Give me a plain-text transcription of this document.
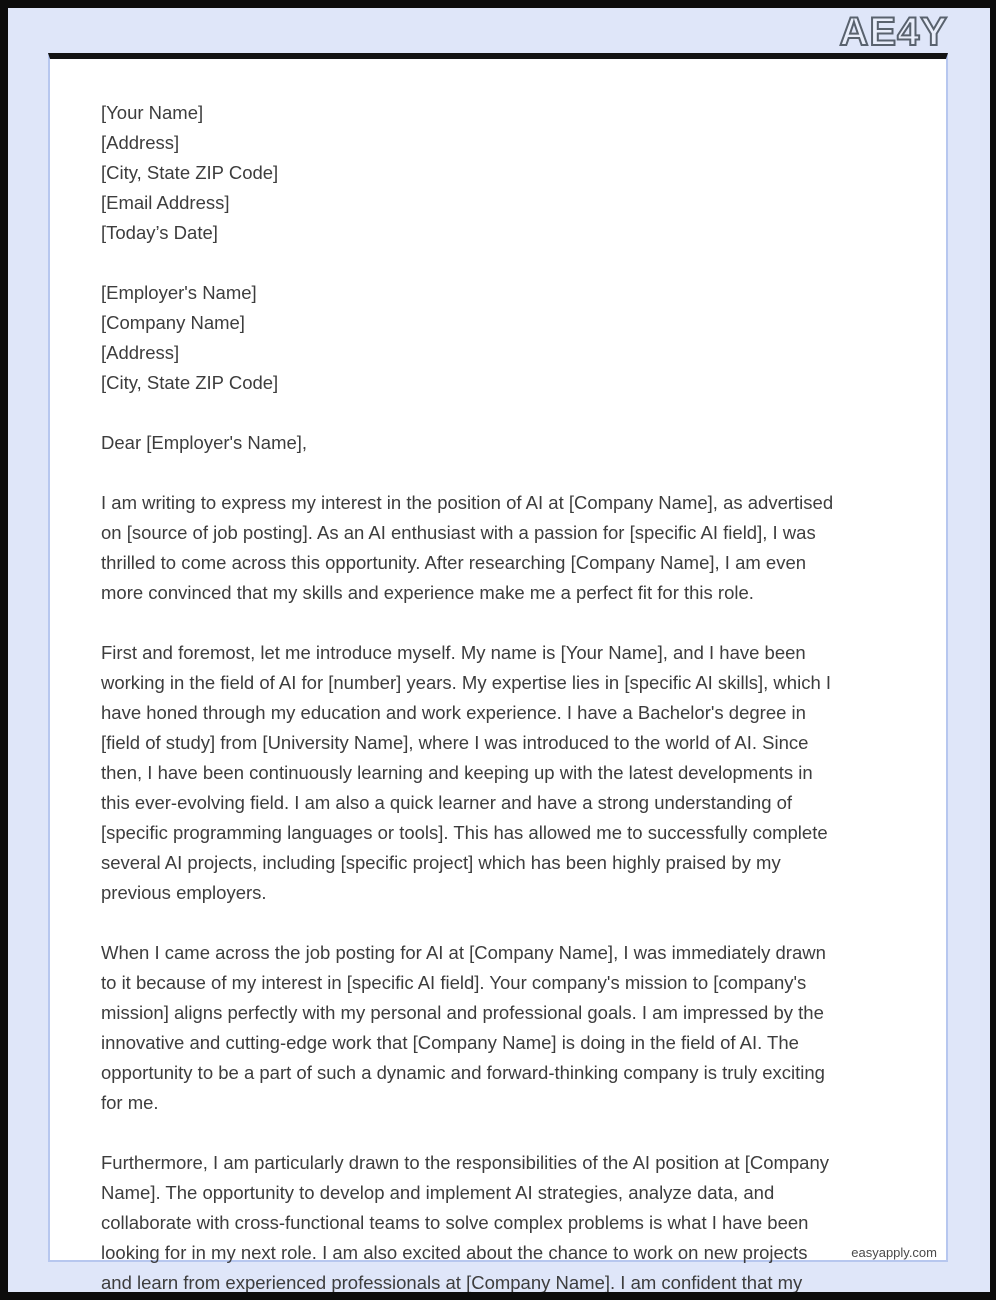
AE4Y
[Your Name]
[Address]
[City, State ZIP Code]
[Email Address]
[Today’s Date]
[Employer's Name]
[Company Name]
[Address]
[City, State ZIP Code]
Dear [Employer's Name],
I am writing to express my interest in the position of AI at [Company Name], as advertised
on [source of job posting]. As an AI enthusiast with a passion for [specific AI field], I was
thrilled to come across this opportunity. After researching [Company Name], I am even
more convinced that my skills and experience make me a perfect fit for this role.
First and foremost, let me introduce myself. My name is [Your Name], and I have been
working in the field of AI for [number] years. My expertise lies in [specific AI skills], which I
have honed through my education and work experience. I have a Bachelor's degree in
[field of study] from [University Name], where I was introduced to the world of AI. Since
then, I have been continuously learning and keeping up with the latest developments in
this ever-evolving field. I am also a quick learner and have a strong understanding of
[specific programming languages or tools]. This has allowed me to successfully complete
several AI projects, including [specific project] which has been highly praised by my
previous employers.
When I came across the job posting for AI at [Company Name], I was immediately drawn
to it because of my interest in [specific AI field]. Your company's mission to [company's
mission] aligns perfectly with my personal and professional goals. I am impressed by the
innovative and cutting-edge work that [Company Name] is doing in the field of AI. The
opportunity to be a part of such a dynamic and forward-thinking company is truly exciting
for me.
Furthermore, I am particularly drawn to the responsibilities of the AI position at [Company
Name]. The opportunity to develop and implement AI strategies, analyze data, and
collaborate with cross-functional teams to solve complex problems is what I have been
looking for in my next role. I am also excited about the chance to work on new projects
and learn from experienced professionals at [Company Name]. I am confident that my
easyapply.com
